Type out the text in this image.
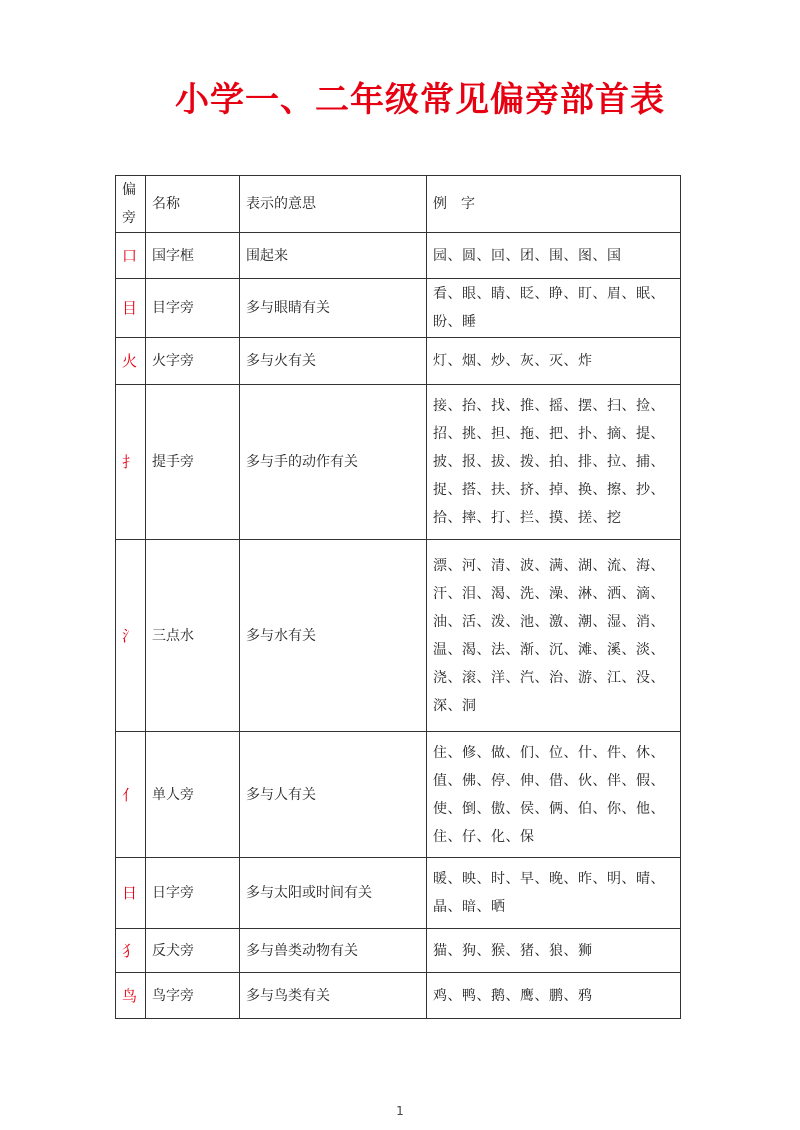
小学一、二年级常见偏旁部首表
偏旁	名称	表示的意思	例　字
口	国字框	围起来	园、圆、回、团、围、图、国
目	目字旁	多与眼睛有关	看、眼、睛、眨、睁、盯、眉、眠、盼、睡
火	火字旁	多与火有关	灯、烟、炒、灰、灭、炸
扌	提手旁	多与手的动作有关	接、抬、找、推、摇、摆、扫、捡、招、挑、担、拖、把、扑、摘、提、披、报、拔、拨、拍、排、拉、捕、捉、搭、扶、挤、掉、换、擦、抄、拾、摔、打、拦、摸、搓、挖
氵	三点水	多与水有关	漂、河、清、波、满、湖、流、海、汗、泪、渴、洗、澡、淋、洒、滴、油、活、泼、池、激、潮、湿、消、温、渴、法、渐、沉、滩、溪、淡、浇、滚、洋、汽、治、游、江、没、深、洞
亻	单人旁	多与人有关	住、修、做、们、位、什、件、休、值、佛、停、伸、借、伙、伴、假、使、倒、傲、侯、俩、伯、你、他、住、仔、化、保
日	日字旁	多与太阳或时间有关	暖、映、时、早、晚、昨、明、晴、晶、暗、晒
犭	反犬旁	多与兽类动物有关	猫、狗、猴、猪、狼、狮
鸟	鸟字旁	多与鸟类有关	鸡、鸭、鹅、鹰、鹏、鸦
1
